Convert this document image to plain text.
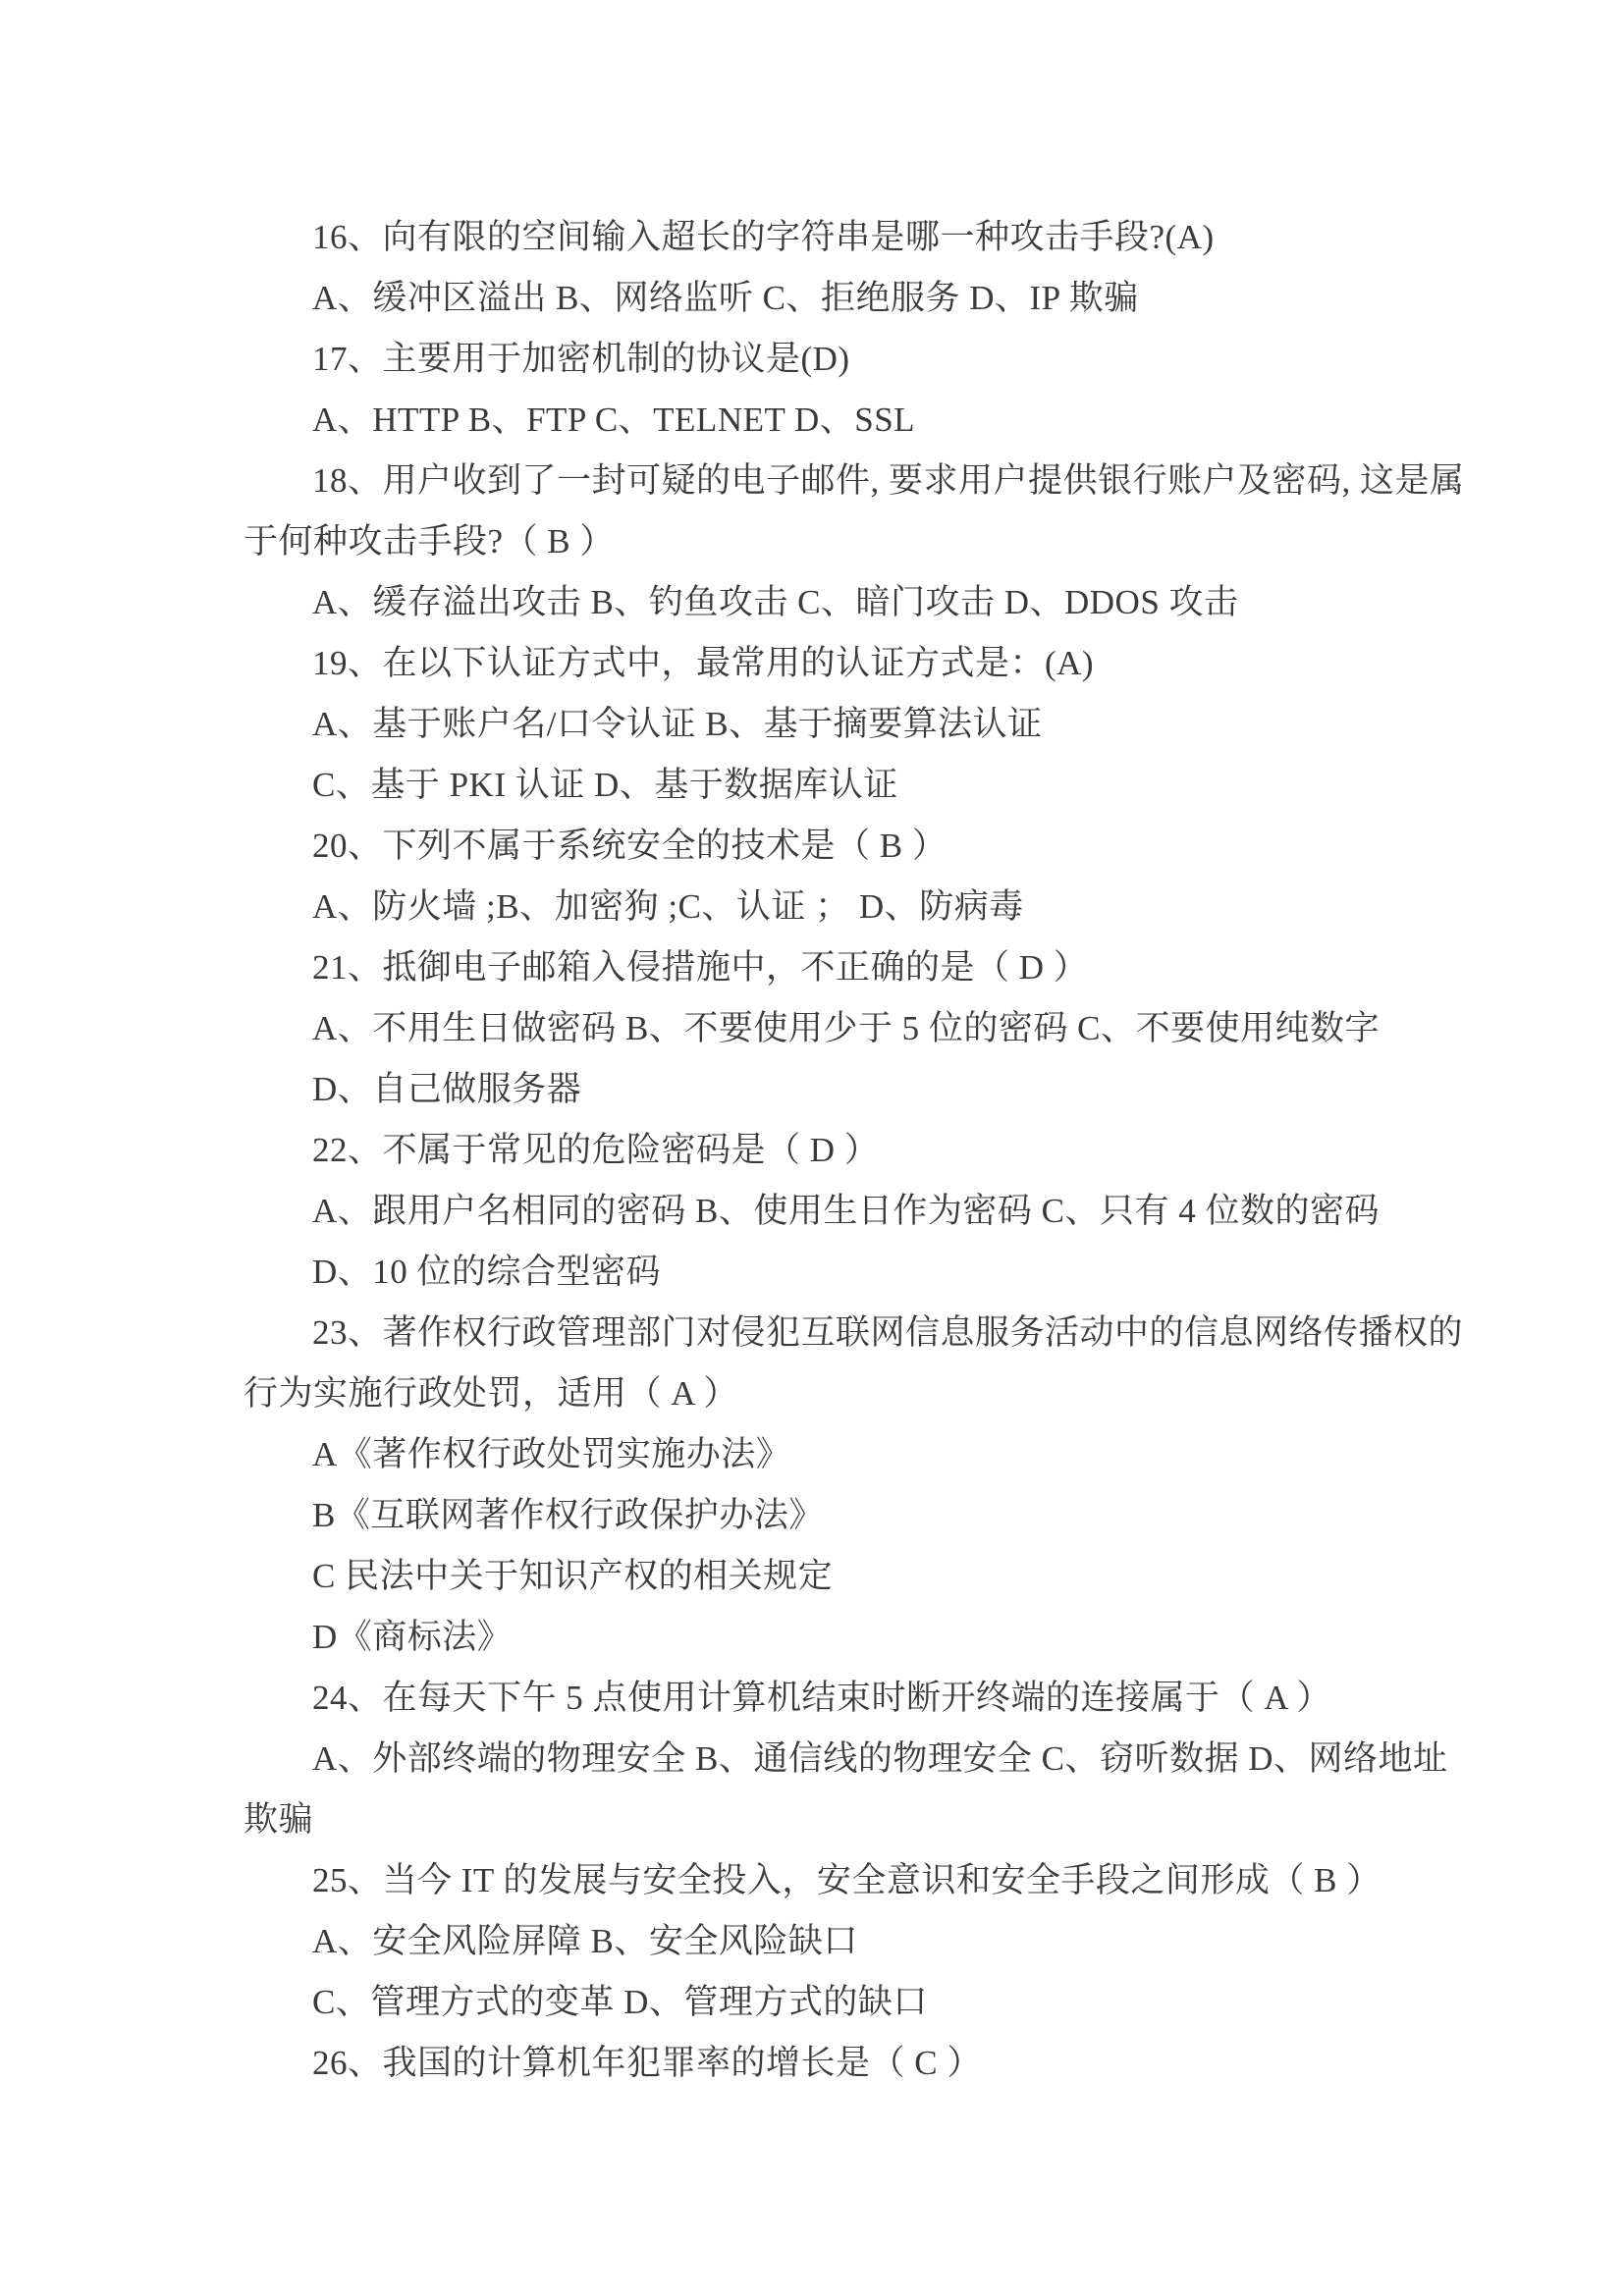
16、向有限的空间输入超长的字符串是哪一种攻击手段?(A)

A、缓冲区溢出 B、网络监听 C、拒绝服务 D、IP 欺骗

17、主要用于加密机制的协议是(D)

A、HTTP B、FTP C、TELNET D、SSL

18、用户收到了一封可疑的电子邮件, 要求用户提供银行账户及密码, 这是属

于何种攻击手段?（ B ）

A、缓存溢出攻击 B、钓鱼攻击 C、暗门攻击 D、DDOS 攻击

19、在以下认证方式中，最常用的认证方式是：(A)

A、基于账户名/口令认证 B、基于摘要算法认证

C、基于 PKI 认证 D、基于数据库认证

20、下列不属于系统安全的技术是（ B ）

A、防火墙 ;B、加密狗 ;C、认证 ； D、防病毒

21、抵御电子邮箱入侵措施中，不正确的是（ D ）

A、不用生日做密码 B、不要使用少于 5 位的密码 C、不要使用纯数字

D、自己做服务器

22、不属于常见的危险密码是（ D ）

A、跟用户名相同的密码 B、使用生日作为密码 C、只有 4 位数的密码

D、10 位的综合型密码

23、著作权行政管理部门对侵犯互联网信息服务活动中的信息网络传播权的

行为实施行政处罚，适用（ A ）

A《著作权行政处罚实施办法》

B《互联网著作权行政保护办法》

C 民法中关于知识产权的相关规定

D《商标法》

24、在每天下午 5 点使用计算机结束时断开终端的连接属于（ A ）

A、外部终端的物理安全 B、通信线的物理安全 C、窃听数据 D、网络地址

欺骗

25、当今 IT 的发展与安全投入，安全意识和安全手段之间形成（ B ）

A、安全风险屏障 B、安全风险缺口

C、管理方式的变革 D、管理方式的缺口

26、我国的计算机年犯罪率的增长是（ C ）
